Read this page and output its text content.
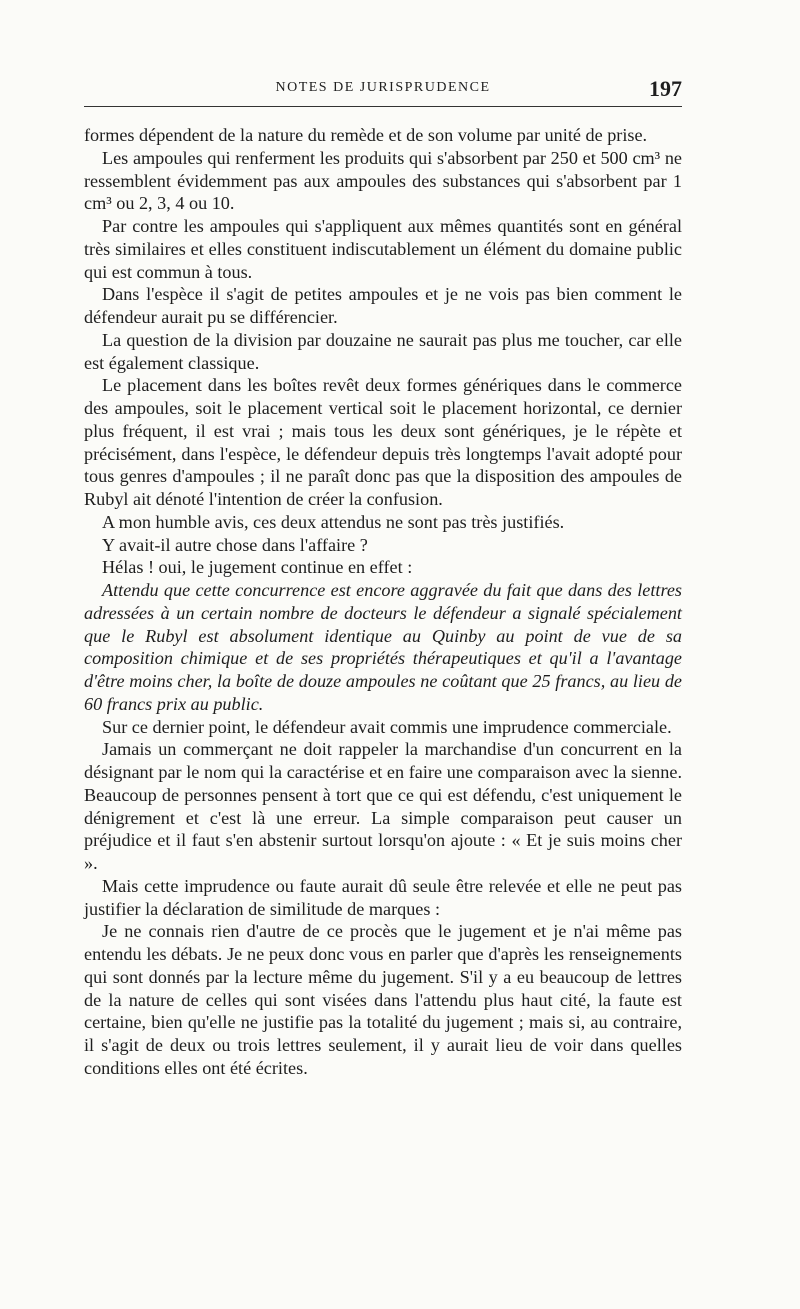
NOTES DE JURISPRUDENCE	197

formes dépendent de la nature du remède et de son volume par unité de prise.

Les ampoules qui renferment les produits qui s'absorbent par 250 et 500 cm³ ne ressemblent évidemment pas aux ampoules des substances qui s'absorbent par 1 cm³ ou 2, 3, 4 ou 10.

Par contre les ampoules qui s'appliquent aux mêmes quantités sont en général très similaires et elles constituent indiscutablement un élément du domaine public qui est commun à tous.

Dans l'espèce il s'agit de petites ampoules et je ne vois pas bien comment le défendeur aurait pu se différencier.

La question de la division par douzaine ne saurait pas plus me toucher, car elle est également classique.

Le placement dans les boîtes revêt deux formes génériques dans le commerce des ampoules, soit le placement vertical soit le placement horizontal, ce dernier plus fréquent, il est vrai ; mais tous les deux sont génériques, je le répète et précisément, dans l'espèce, le défendeur depuis très longtemps l'avait adopté pour tous genres d'ampoules ; il ne paraît donc pas que la disposition des ampoules de Rubyl ait dénoté l'intention de créer la confusion.

A mon humble avis, ces deux attendus ne sont pas très justifiés.

Y avait-il autre chose dans l'affaire ?

Hélas ! oui, le jugement continue en effet :

Attendu que cette concurrence est encore aggravée du fait que dans des lettres adressées à un certain nombre de docteurs le défendeur a signalé spécialement que le Rubyl est absolument identique au Quinby au point de vue de sa composition chimique et de ses propriétés thérapeutiques et qu'il a l'avantage d'être moins cher, la boîte de douze ampoules ne coûtant que 25 francs, au lieu de 60 francs prix au public.

Sur ce dernier point, le défendeur avait commis une imprudence commerciale.

Jamais un commerçant ne doit rappeler la marchandise d'un concurrent en la désignant par le nom qui la caractérise et en faire une comparaison avec la sienne. Beaucoup de personnes pensent à tort que ce qui est défendu, c'est uniquement le dénigrement et c'est là une erreur. La simple comparaison peut causer un préjudice et il faut s'en abstenir surtout lorsqu'on ajoute : « Et je suis moins cher ».

Mais cette imprudence ou faute aurait dû seule être relevée et elle ne peut pas justifier la déclaration de similitude de marques :

Je ne connais rien d'autre de ce procès que le jugement et je n'ai même pas entendu les débats. Je ne peux donc vous en parler que d'après les renseignements qui sont donnés par la lecture même du jugement. S'il y a eu beaucoup de lettres de la nature de celles qui sont visées dans l'attendu plus haut cité, la faute est certaine, bien qu'elle ne justifie pas la totalité du jugement ; mais si, au contraire, il s'agit de deux ou trois lettres seulement, il y aurait lieu de voir dans quelles conditions elles ont été écrites.
